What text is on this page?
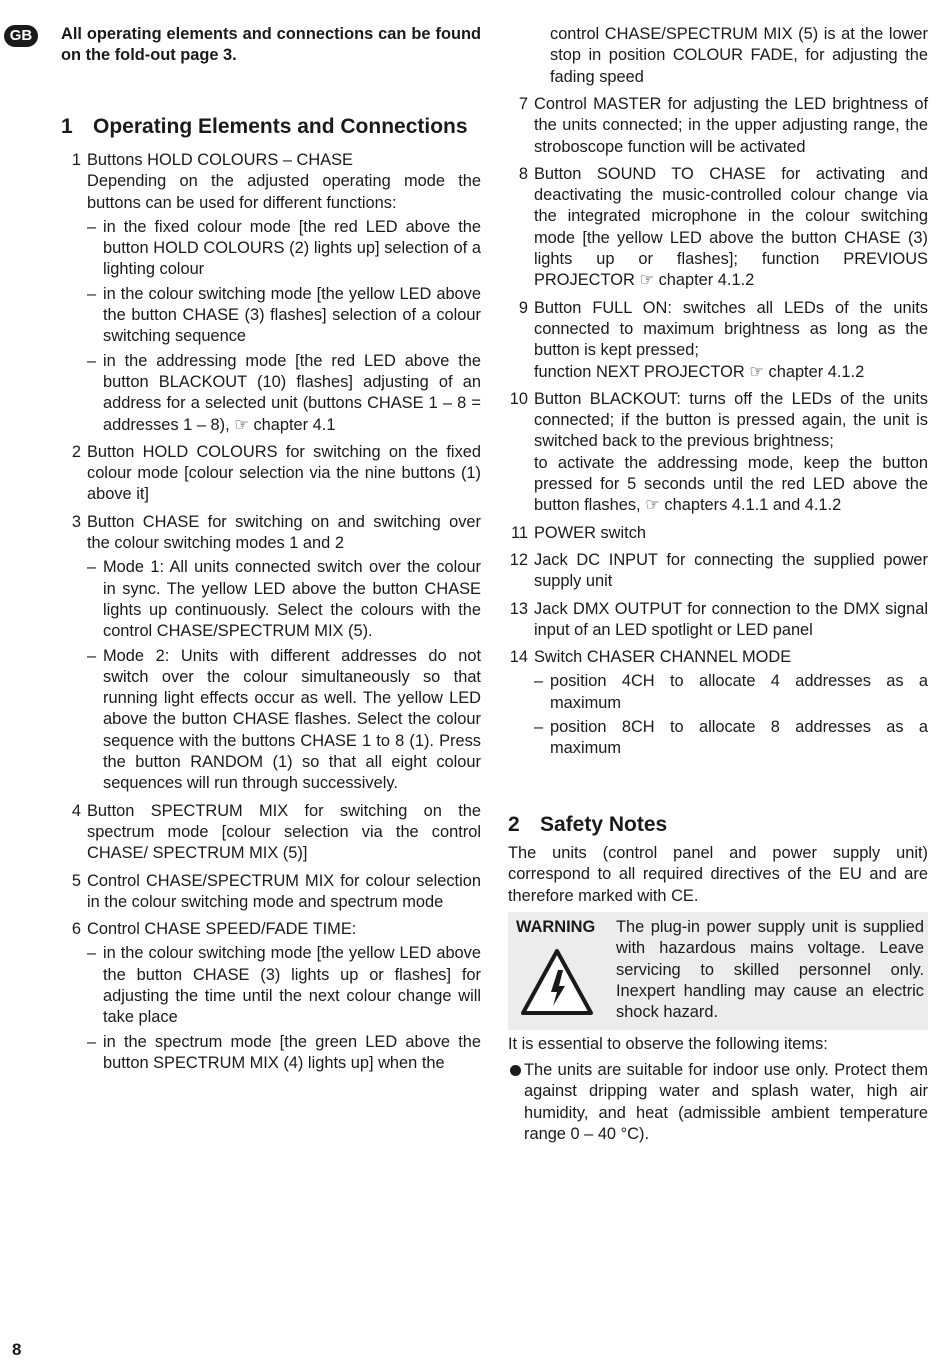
GB	All operating elements and connections can be found on the fold-out page 3.
1 Operating Elements and Connections
1 Buttons HOLD COLOURS – CHASE
Depending on the adjusted operating mode the buttons can be used for different functions:
– in the fixed colour mode [the red LED above the button HOLD COLOURS (2) lights up] selection of a lighting colour
– in the colour switching mode [the yellow LED above the button CHASE (3) flashes] selection of a colour switching sequence
– in the addressing mode [the red LED above the button BLACKOUT (10) flashes] adjusting of an address for a selected unit (buttons CHASE 1 – 8 = addresses 1 – 8), ☞ chapter 4.1
2 Button HOLD COLOURS for switching on the fixed colour mode [colour selection via the nine buttons (1) above it]
3 Button CHASE for switching on and switching over the colour switching modes 1 and 2
– Mode 1: All units connected switch over the colour in sync. The yellow LED above the button CHASE lights up continuously. Select the colours with the control CHASE/SPECTRUM MIX (5).
– Mode 2: Units with different addresses do not switch over the colour simultaneously so that running light effects occur as well. The yellow LED above the button CHASE flashes. Select the colour sequence with the buttons CHASE 1 to 8 (1). Press the button RANDOM (1) so that all eight colour sequences will run through successively.
4 Button SPECTRUM MIX for switching on the spectrum mode [colour selection via the control CHASE/ SPECTRUM MIX (5)]
5 Control CHASE/SPECTRUM MIX for colour selection in the colour switching mode and spectrum mode
6 Control CHASE SPEED/FADE TIME:
– in the colour switching mode [the yellow LED above the button CHASE (3) lights up or flashes] for adjusting the time until the next colour change will take place
– in the spectrum mode [the green LED above the button SPECTRUM MIX (4) lights up] when the
control CHASE/SPECTRUM MIX (5) is at the lower stop in position COLOUR FADE, for adjusting the fading speed
7 Control MASTER for adjusting the LED brightness of the units connected; in the upper adjusting range, the stroboscope function will be activated
8 Button SOUND TO CHASE for activating and deactivating the music-controlled colour change via the integrated microphone in the colour switching mode [the yellow LED above the button CHASE (3) lights up or flashes]; function PREVIOUS PROJECTOR ☞ chapter 4.1.2
9 Button FULL ON: switches all LEDs of the units connected to maximum brightness as long as the button is kept pressed;
function NEXT PROJECTOR ☞ chapter 4.1.2
10 Button BLACKOUT: turns off the LEDs of the units connected; if the button is pressed again, the unit is switched back to the previous brightness;
to activate the addressing mode, keep the button pressed for 5 seconds until the red LED above the button flashes, ☞ chapters 4.1.1 and 4.1.2
11 POWER switch
12 Jack DC INPUT for connecting the supplied power supply unit
13 Jack DMX OUTPUT for connection to the DMX signal input of an LED spotlight or LED panel
14 Switch CHASER CHANNEL MODE
– position 4CH to allocate 4 addresses as a maximum
– position 8CH to allocate 8 addresses as a maximum
2 Safety Notes
The units (control panel and power supply unit) correspond to all required directives of the EU and are therefore marked with CE.
WARNING The plug-in power supply unit is supplied with hazardous mains voltage. Leave servicing to skilled personnel only. Inexpert handling may cause an electric shock hazard.
It is essential to observe the following items:
The units are suitable for indoor use only. Protect them against dripping water and splash water, high air humidity, and heat (admissible ambient temperature range 0 – 40 °C).
8
